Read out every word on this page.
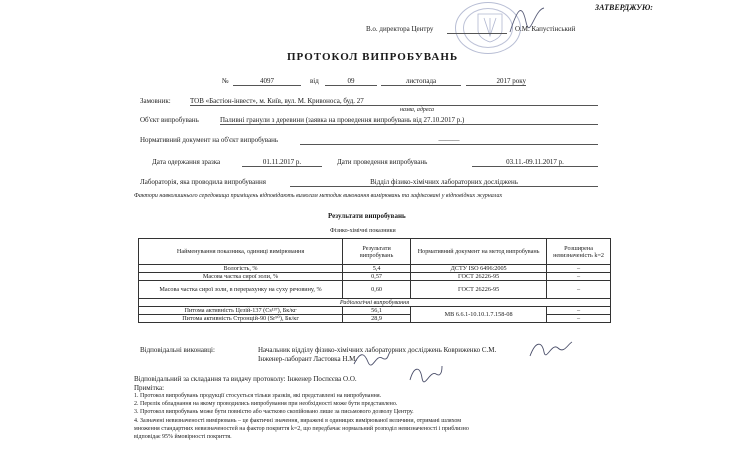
ЗАТВЕРДЖУЮ:
В.о. директора Центру	О.М. Капустінський
ПРОТОКОЛ ВИПРОБУВАНЬ
№	4097	від	09	листопада	2017 року
Замовник:	ТОВ «Бастіон-інвест», м. Київ, вул. М. Кривоноса, буд. 27
назва, адреса
Об'єкт випробувань	Паливні гранули з деревини (заявка на проведення випробувань від 27.10.2017 р.)
Нормативний документ на об'єкт випробувань	———
Дата одержання зразка	01.11.2017 р.	Дати проведення випробувань	03.11.-09.11.2017 р.
Лабораторія, яка проводила випробування	Відділ фізико-хімічних лабораторних досліджень
Фактори навколишнього середовища приміщень відповідають вимогам методик виконання вимірювань та зафіксовані у відповідних журналах
Результати випробувань
Фізико-хімічні показники
Найменування показника, одиниці вимірювання	Результати випробувань	Нормативний документ на метод випробувань	Розширена невизначеність k=2
Вологість, %	5,4	ДСТУ ISO 6496:2005	–
Масова частка сирої золи, %	0,57	ГОСТ 26226-95	–
Масова частка сирої золи, в перерахунку на суху речовину, %	0,60	ГОСТ 26226-95	–
Радіологічні випробування			
Питома активність Цезій-137 (Cs¹³⁷), Бк/кг	56,1	МВ 6.6.1-10.10.1.7.158-08	–
Питома активність Стронцій-90 (Sr⁹⁰), Бк/кг	28,9		–
Відповідальні виконавці:	Начальник відділу фізико-хімічних лабораторних досліджень Ковриженко С.М.
Інженер-лаборант Ластовка Н.М.
Відповідальний за складання та видачу протоколу: Інженер Поспєєва О.О.
Примітка:
1. Протокол випробувань продукції стосується тільки зразків, які представлені на випробування.
2. Перелік обладнання на якому проводились випробування при необхідності може бути представлено.
3. Протокол випробувань може бути повністю або частково скопійовано лише за письмового дозволу Центру.
4. Зазначені невизначеності вимірювань – це фактичні значення, виражені в одиницях вимірюваної величини, отримані шляхом
множення стандартних невизначеностей на фактор покриття k=2, що передбачає нормальний розподіл невизначеності і приблизно
відповідає 95% ймовірності покриття.
